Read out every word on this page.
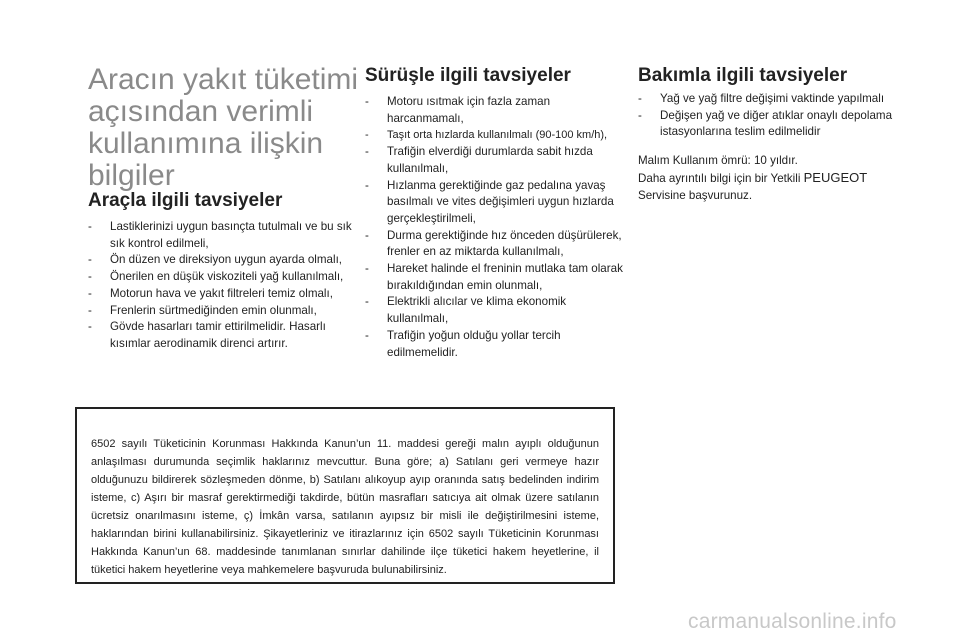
Aracın yakıt tüketimi açısından verimli kullanımına ilişkin bilgiler
Araçla ilgili tavsiyeler
- Lastiklerinizi uygun basınçta tutulmalı ve bu sık sık kontrol edilmeli,
- Ön düzen ve direksiyon uygun ayarda olmalı,
- Önerilen en düşük viskoziteli yağ kullanılmalı,
- Motorun hava ve yakıt filtreleri temiz olmalı,
- Frenlerin sürtmediğinden emin olunmalı,
- Gövde hasarları tamir ettirilmelidir. Hasarlı kısımlar aerodinamik direnci artırır.
Sürüşle ilgili tavsiyeler
- Motoru ısıtmak için fazla zaman harcanmamalı,
- Taşıt orta hızlarda kullanılmalı (90-100 km/h),
- Trafiğin elverdiği durumlarda sabit hızda kullanılmalı,
- Hızlanma gerektiğinde gaz pedalına yavaş basılmalı ve vites değişimleri uygun hızlarda gerçekleştirilmeli,
- Durma gerektiğinde hız önceden düşürülerek, frenler en az miktarda kullanılmalı,
- Hareket halinde el freninin mutlaka tam olarak bırakıldığından emin olunmalı,
- Elektrikli alıcılar ve klima ekonomik kullanılmalı,
- Trafiğin yoğun olduğu yollar tercih edilmemelidir.
Bakımla ilgili tavsiyeler
- Yağ ve yağ filtre değişimi vaktinde yapılmalı
- Değişen yağ ve diğer atıklar onaylı depolama istasyonlarına teslim edilmelidir

Malım Kullanım ömrü: 10 yıldır.

Daha ayrıntılı bilgi için bir Yetkili PEUGEOT
Servisine başvurunuz.

6502 sayılı Tüketicinin Korunması Hakkında Kanun’un 11. maddesi gereği malın ayıplı olduğunun anlaşılması durumunda seçimlik haklarınız mevcuttur. Buna göre; a) Satılanı geri vermeye hazır olduğunuzu bildirerek sözleşmeden dönme, b) Satılanı alıkoyup ayıp oranında satış bedelinden indirim isteme, c) Aşırı bir masraf gerektirmediği takdirde, bütün masrafları satıcıya ait olmak üzere satılanın ücretsiz onarılmasını isteme, ç) İmkân varsa, satılanın ayıpsız bir misli ile değiştirilmesini isteme, haklarından birini kullanabilirsiniz. Şikayetleriniz ve itirazlarınız için 6502 sayılı Tüketicinin Korunması Hakkında Kanun’un 68. maddesinde tanımlanan sınırlar dahilinde ilçe tüketici hakem heyetlerine, il tüketici hakem heyetlerine veya mahkemelere başvuruda bulunabilirsiniz.

carmanualsonline.info
